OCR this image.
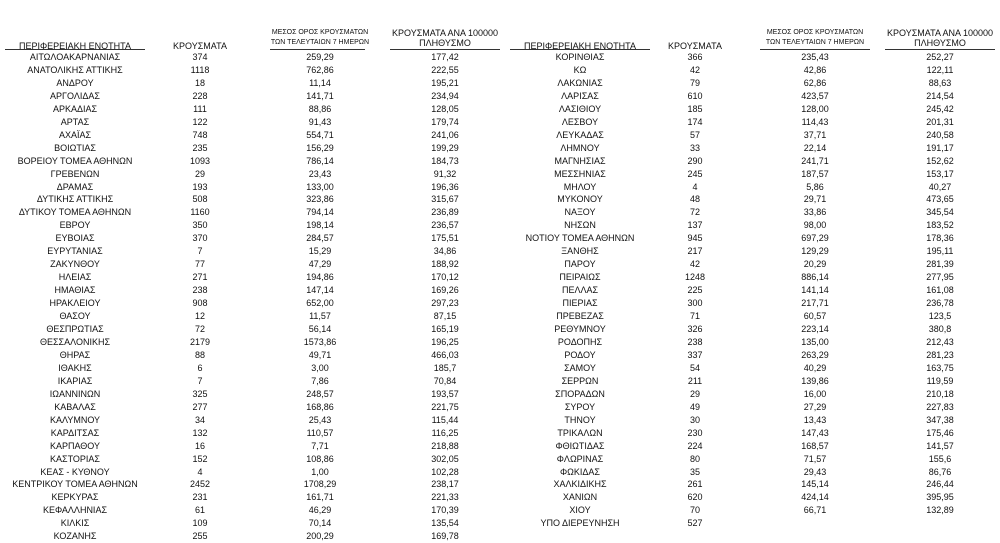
ΠΕΡΙΦΕΡΕΙΑΚΗ ΕΝΟΤΗΤΑ	ΚΡΟΥΣΜΑΤΑ
ΜΕΣΟΣ ΟΡΟΣ ΚΡΟΥΣΜΑΤΩΝ
ΤΩΝ ΤΕΛΕΥΤΑΙΩΝ 7 ΗΜΕΡΩΝ
ΚΡΟΥΣΜΑΤΑ ΑΝΑ 100000
ΠΛΗΘΥΣΜΟ
ΑΙΤΩΛΟΑΚΑΡΝΑΝΙΑΣ	374	259,29	177,42
ΑΝΑΤΟΛΙΚΗΣ ΑΤΤΙΚΗΣ	1118	762,86	222,55
ΑΝΔΡΟΥ	18	11,14	195,21
ΑΡΓΟΛΙΔΑΣ	228	141,71	234,94
ΑΡΚΑΔΙΑΣ	111	88,86	128,05
ΑΡΤΑΣ	122	91,43	179,74
ΑΧΑΪΑΣ	748	554,71	241,06
ΒΟΙΩΤΙΑΣ	235	156,29	199,29
ΒΟΡΕΙΟΥ ΤΟΜΕΑ ΑΘΗΝΩΝ	1093	786,14	184,73
ΓΡΕΒΕΝΩΝ	29	23,43	91,32
ΔΡΑΜΑΣ	193	133,00	196,36
ΔΥΤΙΚΗΣ ΑΤΤΙΚΗΣ	508	323,86	315,67
ΔΥΤΙΚΟΥ ΤΟΜΕΑ ΑΘΗΝΩΝ	1160	794,14	236,89
ΕΒΡΟΥ	350	198,14	236,57
ΕΥΒΟΙΑΣ	370	284,57	175,51
ΕΥΡΥΤΑΝΙΑΣ	7	15,29	34,86
ΖΑΚΥΝΘΟΥ	77	47,29	188,92
ΗΛΕΙΑΣ	271	194,86	170,12
ΗΜΑΘΙΑΣ	238	147,14	169,26
ΗΡΑΚΛΕΙΟΥ	908	652,00	297,23
ΘΑΣΟΥ	12	11,57	87,15
ΘΕΣΠΡΩΤΙΑΣ	72	56,14	165,19
ΘΕΣΣΑΛΟΝΙΚΗΣ	2179	1573,86	196,25
ΘΗΡΑΣ	88	49,71	466,03
ΙΘΑΚΗΣ	6	3,00	185,7
ΙΚΑΡΙΑΣ	7	7,86	70,84
ΙΩΑΝΝΙΝΩΝ	325	248,57	193,57
ΚΑΒΑΛΑΣ	277	168,86	221,75
ΚΑΛΥΜΝΟΥ	34	25,43	115,44
ΚΑΡΔΙΤΣΑΣ	132	110,57	116,25
ΚΑΡΠΑΘΟΥ	16	7,71	218,88
ΚΑΣΤΟΡΙΑΣ	152	108,86	302,05
ΚΕΑΣ - ΚΥΘΝΟΥ	4	1,00	102,28
ΚΕΝΤΡΙΚΟΥ ΤΟΜΕΑ ΑΘΗΝΩΝ	2452	1708,29	238,17
ΚΕΡΚΥΡΑΣ	231	161,71	221,33
ΚΕΦΑΛΛΗΝΙΑΣ	61	46,29	170,39
ΚΙΛΚΙΣ	109	70,14	135,54
ΚΟΖΑΝΗΣ	255	200,29	169,78
ΠΕΡΙΦΕΡΕΙΑΚΗ ΕΝΟΤΗΤΑ	ΚΡΟΥΣΜΑΤΑ
ΜΕΣΟΣ ΟΡΟΣ ΚΡΟΥΣΜΑΤΩΝ
ΤΩΝ ΤΕΛΕΥΤΑΙΩΝ 7 ΗΜΕΡΩΝ
ΚΡΟΥΣΜΑΤΑ ΑΝΑ 100000
ΠΛΗΘΥΣΜΟ
ΚΟΡΙΝΘΙΑΣ	366	235,43	252,27
ΚΩ	42	42,86	122,11
ΛΑΚΩΝΙΑΣ	79	62,86	88,63
ΛΑΡΙΣΑΣ	610	423,57	214,54
ΛΑΣΙΘΙΟΥ	185	128,00	245,42
ΛΕΣΒΟΥ	174	114,43	201,31
ΛΕΥΚΑΔΑΣ	57	37,71	240,58
ΛΗΜΝΟΥ	33	22,14	191,17
ΜΑΓΝΗΣΙΑΣ	290	241,71	152,62
ΜΕΣΣΗΝΙΑΣ	245	187,57	153,17
ΜΗΛΟΥ	4	5,86	40,27
ΜΥΚΟΝΟΥ	48	29,71	473,65
ΝΑΞΟΥ	72	33,86	345,54
ΝΗΣΩΝ	137	98,00	183,52
ΝΟΤΙΟΥ ΤΟΜΕΑ ΑΘΗΝΩΝ	945	697,29	178,36
ΞΑΝΘΗΣ	217	129,29	195,11
ΠΑΡΟΥ	42	20,29	281,39
ΠΕΙΡΑΙΩΣ	1248	886,14	277,95
ΠΕΛΛΑΣ	225	141,14	161,08
ΠΙΕΡΙΑΣ	300	217,71	236,78
ΠΡΕΒΕΖΑΣ	71	60,57	123,5
ΡΕΘΥΜΝΟΥ	326	223,14	380,8
ΡΟΔΟΠΗΣ	238	135,00	212,43
ΡΟΔΟΥ	337	263,29	281,23
ΣΑΜΟΥ	54	40,29	163,75
ΣΕΡΡΩΝ	211	139,86	119,59
ΣΠΟΡΑΔΩΝ	29	16,00	210,18
ΣΥΡΟΥ	49	27,29	227,83
ΤΗΝΟΥ	30	13,43	347,38
ΤΡΙΚΑΛΩΝ	230	147,43	175,46
ΦΘΙΩΤΙΔΑΣ	224	168,57	141,57
ΦΛΩΡΙΝΑΣ	80	71,57	155,6
ΦΩΚΙΔΑΣ	35	29,43	86,76
ΧΑΛΚΙΔΙΚΗΣ	261	145,14	246,44
ΧΑΝΙΩΝ	620	424,14	395,95
ΧΙΟΥ	70	66,71	132,89
ΥΠΟ ΔΙΕΡΕΥΝΗΣΗ	527
